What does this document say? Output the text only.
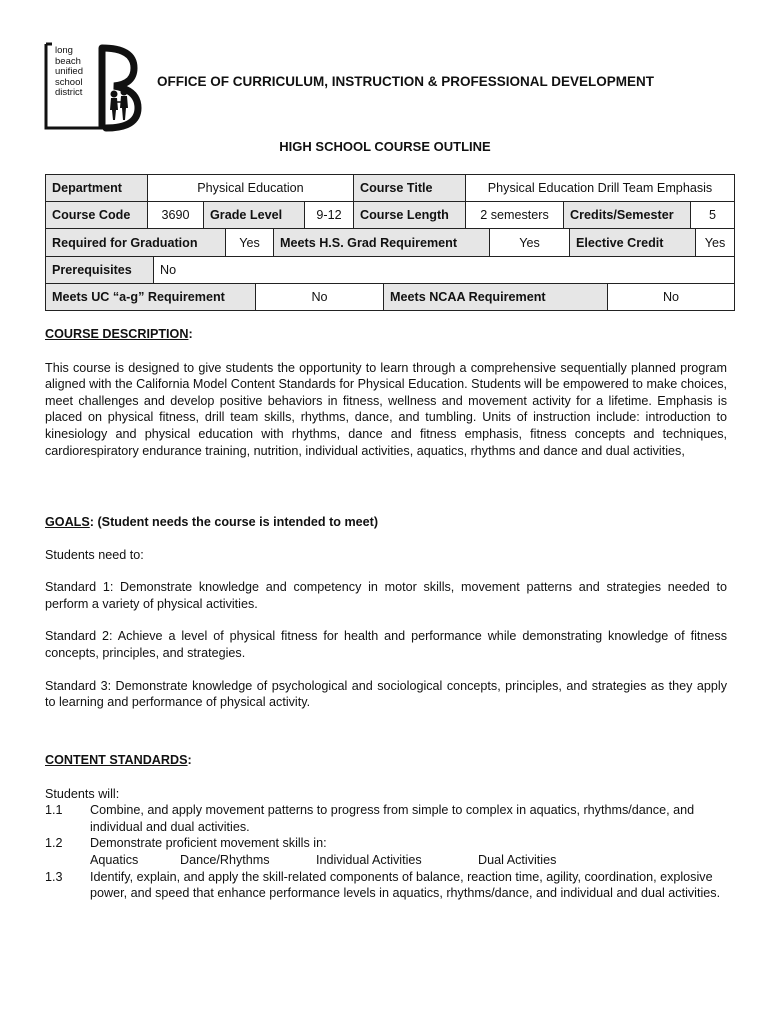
long
beach
unified
school
district
OFFICE OF CURRICULUM, INSTRUCTION & PROFESSIONAL DEVELOPMENT
HIGH SCHOOL COURSE OUTLINE
Department	Physical Education	Course Title	Physical Education Drill Team Emphasis
Course Code	3690	Grade Level	9-12	Course Length	2 semesters	Credits/Semester	5
Required for Graduation	Yes	Meets H.S. Grad Requirement	Yes	Elective Credit	Yes
Prerequisites	No
Meets UC “a-g” Requirement	No	Meets NCAA Requirement	No
COURSE DESCRIPTION:
This course is designed to give students the opportunity to learn through a comprehensive sequentially planned program aligned with the California Model Content Standards for Physical Education. Students will be empowered to make choices, meet challenges and develop positive behaviors in fitness, wellness and movement activity for a lifetime. Emphasis is placed on physical fitness, drill team skills, rhythms, dance, and tumbling. Units of instruction include: introduction to kinesiology and physical education with rhythms, dance and fitness emphasis, fitness concepts and techniques, cardiorespiratory endurance training, nutrition, individual activities, aquatics, rhythms and dance and dual activities,
GOALS: (Student needs the course is intended to meet)
Students need to:
Standard 1: Demonstrate knowledge and competency in motor skills, movement patterns and strategies needed to perform a variety of physical activities.
Standard 2: Achieve a level of physical fitness for health and performance while demonstrating knowledge of fitness concepts, principles, and strategies.
Standard 3: Demonstrate knowledge of psychological and sociological concepts, principles, and strategies as they apply to learning and performance of physical activity.
CONTENT STANDARDS:
Students will:
1.1	Combine, and apply movement patterns to progress from simple to complex in aquatics, rhythms/dance, and individual and dual activities.
1.2	Demonstrate proficient movement skills in:
Aquatics	Dance/Rhythms	Individual Activities	Dual Activities
1.3	Identify, explain, and apply the skill-related components of balance, reaction time, agility, coordination, explosive power, and speed that enhance performance levels in aquatics, rhythms/dance, and individual and dual activities.
